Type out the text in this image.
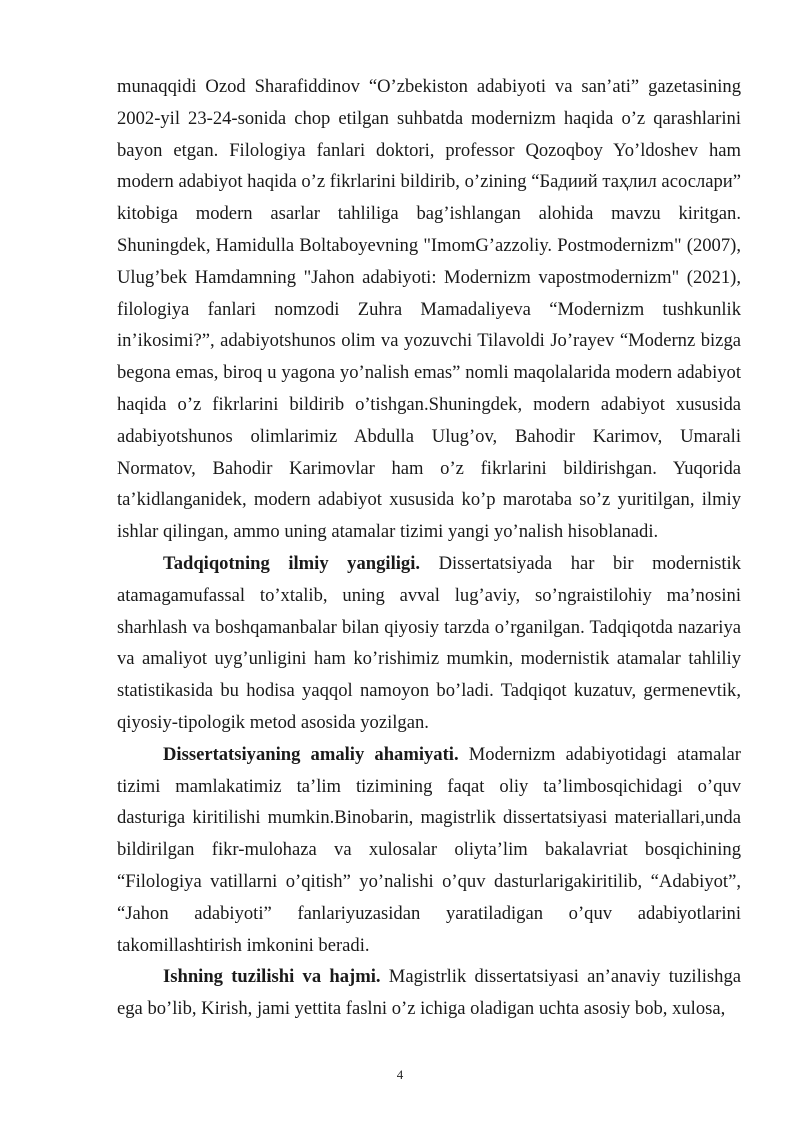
munaqqidi Ozod Sharafiddinov “O’zbekiston adabiyoti va san’ati” gazetasining 2002-yil 23-24-sonida chop etilgan suhbatda modernizm haqida o’z qarashlarini bayon etgan. Filologiya fanlari doktori, professor Qozoqboy Yo’ldoshev ham modern adabiyot haqida o’z fikrlarini bildirib, o’zining “Бадиий таҳлил асослари” kitobiga modern asarlar tahliliga bag’ishlangan alohida mavzu kiritgan. Shuningdek, Hamidulla Boltaboyevning "ImomG’azzoliy. Postmodernizm" (2007), Ulug’bek Hamdamning "Jahon adabiyoti: Modernizm vapostmodernizm" (2021), filologiya fanlari nomzodi Zuhra Mamadaliyeva “Modernizm tushkunlik in’ikosimi?”, adabiyotshunos olim va yozuvchi Tilavoldi Jo’rayev “Modernz bizga begona emas, biroq u yagona yo’nalish emas” nomli maqolalarida modern adabiyot haqida o’z fikrlarini bildirib o’tishgan.Shuningdek, modern adabiyot xususida adabiyotshunos olimlarimiz Abdulla Ulug’ov, Bahodir Karimov, Umarali Normatov, Bahodir Karimovlar ham o’z fikrlarini bildirishgan. Yuqorida ta’kidlanganidek, modern adabiyot xususida ko’p marotaba so’z yuritilgan, ilmiy ishlar qilingan, ammo uning atamalar tizimi yangi yo’nalish hisoblanadi.

Tadqiqotning ilmiy yangiligi. Dissertatsiyada har bir modernistik atamagamufassal to’xtalib, uning avval lug’aviy, so’ngraistilohiy ma’nosini sharhlash va boshqamanbalar bilan qiyosiy tarzda o’rganilgan. Tadqiqotda nazariya va amaliyot uyg’unligini ham ko’rishimiz mumkin, modernistik atamalar tahliliy statistikasida bu hodisa yaqqol namoyon bo’ladi. Tadqiqot kuzatuv, germenevtik, qiyosiy-tipologik metod asosida yozilgan.

Dissertatsiyaning amaliy ahamiyati. Modernizm adabiyotidagi atamalar tizimi mamlakatimiz ta’lim tizimining faqat oliy ta’limbosqichidagi o’quv dasturiga kiritilishi mumkin.Binobarin, magistrlik dissertatsiyasi materiallari,unda bildirilgan fikr-mulohaza va xulosalar oliyta’lim bakalavriat bosqichining “Filologiya vatillarni o’qitish” yo’nalishi o’quv dasturlarigakiritilib, “Adabiyot”, “Jahon adabiyoti” fanlariyuzasidan yaratiladigan o’quv adabiyotlarini takomillashtirish imkonini beradi.

Ishning tuzilishi va hajmi. Magistrlik dissertatsiyasi an’anaviy tuzilishga ega bo’lib, Kirish, jami yettita faslni o’z ichiga oladigan uchta asosiy bob, xulosa,

4
